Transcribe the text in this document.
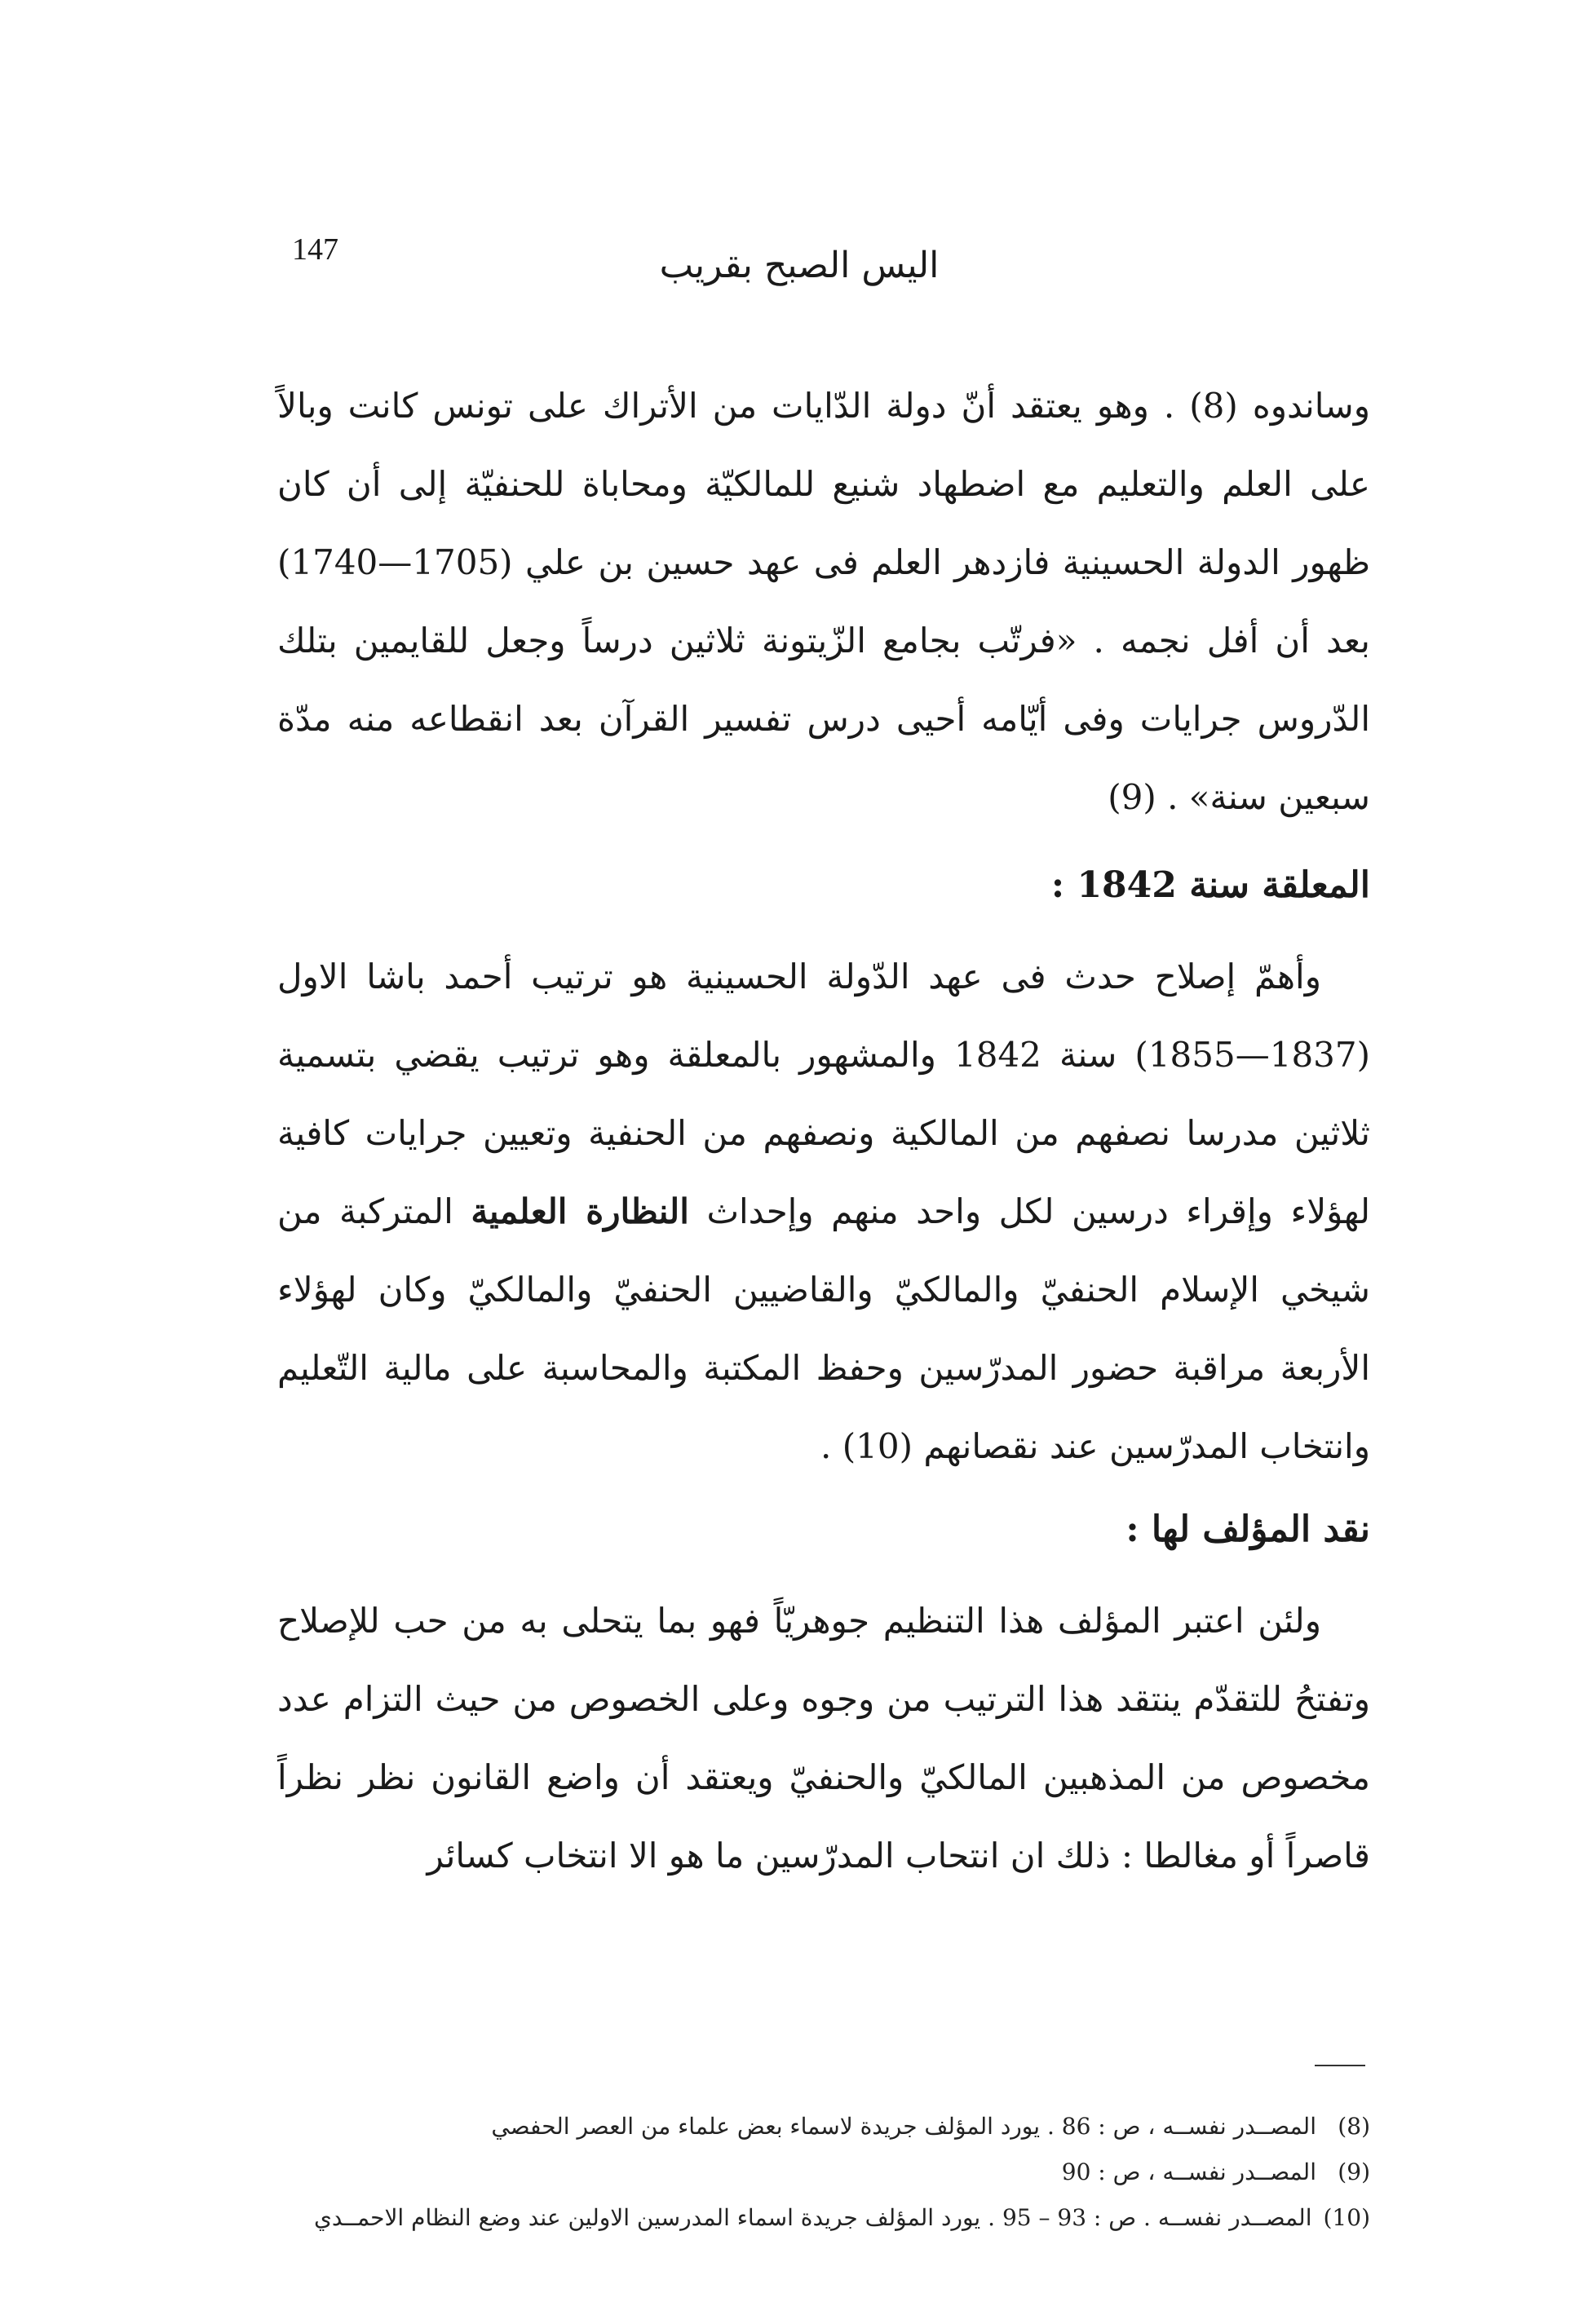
147	اليس الصبح بقريب

وساندوه (8) . وهو يعتقد أنّ دولة الدّايات من الأتراك على تونس كانت وبالاً على العلم والتعليم مع اضطهاد شنيع للمالكيّة ومحاباة للحنفيّة إلى أن كان ظهور الدولة الحسينية فازدهر العلم فى عهد حسين بن علي (1705—1740) بعد أن أفل نجمه . «فرتّب بجامع الزّيتونة ثلاثين درساً وجعل للقايمين بتلك الدّروس جرايات وفى أيّامه أحيى درس تفسير القرآن بعد انقطاعه منه مدّة سبعين سنة» . (9)

المعلقة سنة 1842 :

وأهمّ إصلاح حدث فى عهد الدّولة الحسينية هو ترتيب أحمد باشا الاول (1837—1855) سنة 1842 والمشهور بالمعلقة وهو ترتيب يقضي بتسمية ثلاثين مدرسا نصفهم من المالكية ونصفهم من الحنفية وتعيين جرايات كافية لهؤلاء وإقراء درسين لكل واحد منهم وإحداث النظارة العلمية المتركبة من شيخي الإسلام الحنفيّ والمالكيّ والقاضيين الحنفيّ والمالكيّ وكان لهؤلاء الأربعة مراقبة حضور المدرّسين وحفظ المكتبة والمحاسبة على مالية التّعليم وانتخاب المدرّسين عند نقصانهم (10) .

نقد المؤلف لها :

ولئن اعتبر المؤلف هذا التنظيم جوهريّاً فهو بما يتحلى به من حب للإصلاح وتفتحُ للتقدّم ينتقد هذا الترتيب من وجوه وعلى الخصوص من حيث التزام عدد مخصوص من المذهبين المالكيّ والحنفيّ ويعتقد أن واضع القانون نظر نظراً قاصراً أو مغالطا : ذلك ان انتحاب المدرّسين ما هو الا انتخاب كسائر

(8)
المصــدر نفســه ، ص : 86 . يورد المؤلف جريدة لاسماء بعض علماء من العصر الحفصي
(9)
المصــدر نفســه ، ص : 90
(10)
المصــدر نفســه . ص : 93 – 95 . يورد المؤلف جريدة اسماء المدرسين الاولين عند وضع النظام الاحمــدي
